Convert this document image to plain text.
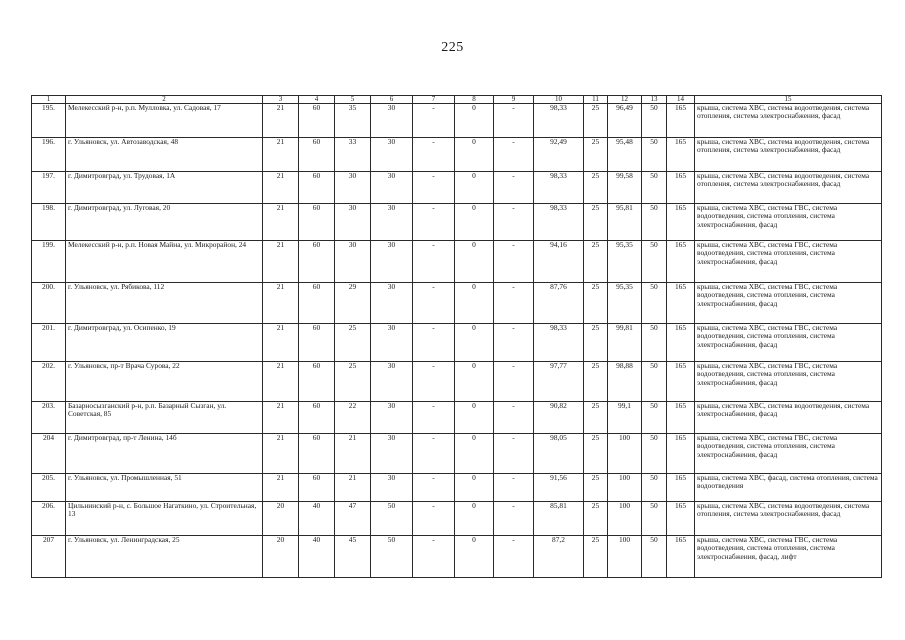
225
1	2	3	4	5	6	7	8	9	10	11	12	13	14	15
195.	Мелекесский р-н, р.п. Мулловка, ул. Садовая, 17	21	60	35	30	-	0	-	98,33	25	96,49	50	165	крыша, система ХВС, система водоотведения, система отопления, система электроснабжения, фасад
196.	г. Ульяновск, ул. Автозаводская, 48	21	60	33	30	-	0	-	92,49	25	95,48	50	165	крыша, система ХВС, система водоотведения, система отопления, система электроснабжения, фасад
197.	г. Димитровград, ул. Трудовая, 1А	21	60	30	30	-	0	-	98,33	25	99,58	50	165	крыша, система ХВС, система водоотведения, система отопления, система электроснабжения, фасад
198.	г. Димитровград, ул. Луговая, 20	21	60	30	30	-	0	-	98,33	25	95,81	50	165	крыша, система ХВС, система ГВС, система водоотведения, система отопления, система электроснабжения, фасад
199.	Мелекесский р-н, р.п. Новая Майна, ул. Микрорайон, 24	21	60	30	30	-	0	-	94,16	25	95,35	50	165	крыша, система ХВС, система ГВС, система водоотведения, система отопления, система электроснабжения, фасад
200.	г. Ульяновск, ул. Рябикова, 112	21	60	29	30	-	0	-	87,76	25	95,35	50	165	крыша, система ХВС, система ГВС, система водоотведения, система отопления, система электроснабжения, фасад
201.	г. Димитровград, ул. Осипенко, 19	21	60	25	30	-	0	-	98,33	25	99,81	50	165	крыша, система ХВС, система ГВС, система водоотведения, система отопления, система электроснабжения, фасад
202.	г. Ульяновск, пр-т Врача Сурова, 22	21	60	25	30	-	0	-	97,77	25	98,88	50	165	крыша, система ХВС, система ГВС, система водоотведения, система отопления, система электроснабжения, фасад
203.	Базарносызганский р-н, р.п. Базарный Сызган, ул. Советская, 85	21	60	22	30	-	0	-	90,82	25	99,1	50	165	крыша, система ХВС, система водоотведения, система электроснабжения, фасад
204	г. Димитровград, пр-т Ленина, 14б	21	60	21	30	-	0	-	98,05	25	100	50	165	крыша, система ХВС, система ГВС, система водоотведения, система отопления, система электроснабжения, фасад
205.	г. Ульяновск, ул. Промышленная, 51	21	60	21	30	-	0	-	91,56	25	100	50	165	крыша, система ХВС, фасад, система отопления, система водоотведения
206.	Цильнинский р-н, с. Большое Нагаткино, ул. Строительная, 13	20	40	47	50	-	0	-	85,81	25	100	50	165	крыша, система ХВС, система водоотведения, система отопления, система электроснабжения, фасад
207	г. Ульяновск, ул. Ленинградская, 25	20	40	45	50	-	0	-	87,2	25	100	50	165	крыша, система ХВС, система ГВС, система водоотведения, система отопления, система электроснабжения, фасад, лифт
